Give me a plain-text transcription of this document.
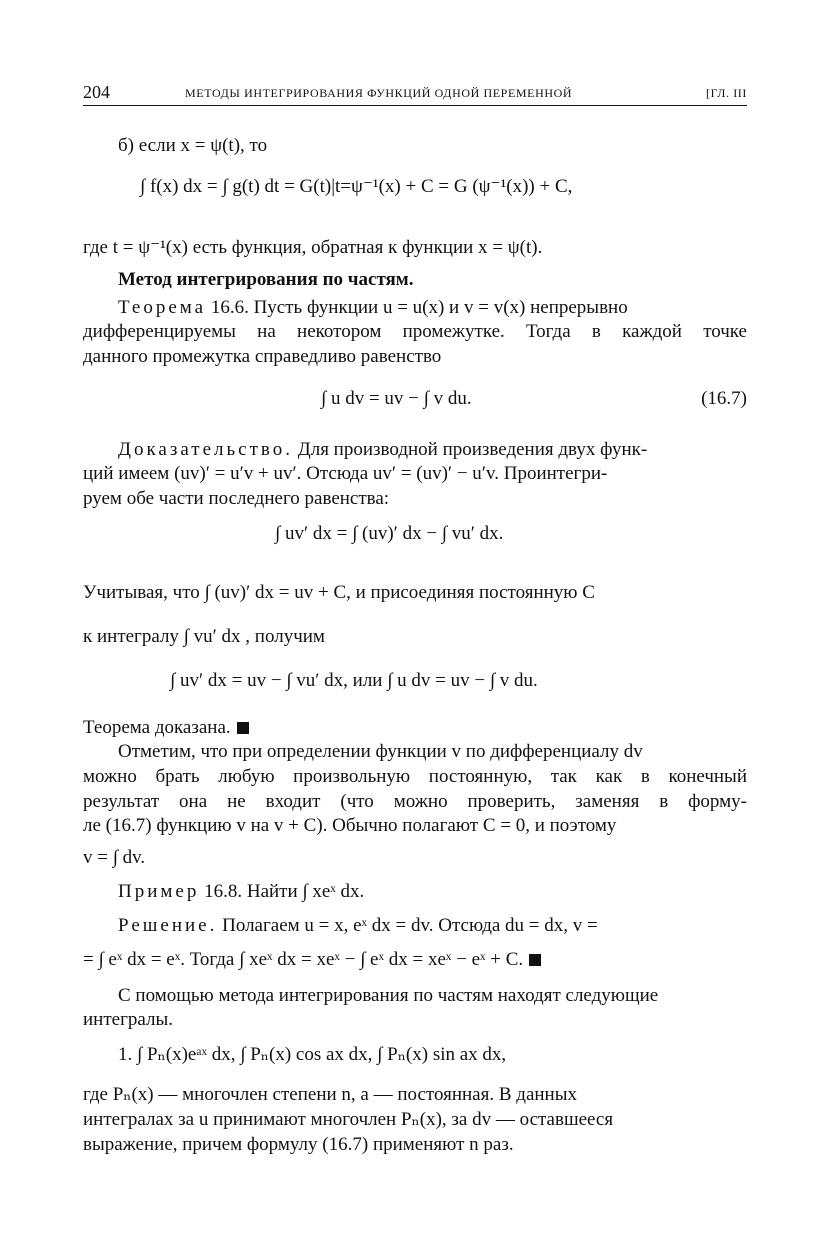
204	МЕТОДЫ ИНТЕГРИРОВАНИЯ ФУНКЦИЙ ОДНОЙ ПЕРЕМЕННОЙ	[ГЛ. III
б) если x = ψ(t), то
∫ f(x) dx = ∫ g(t) dt = G(t)|t=ψ⁻¹(x) + C = G (ψ⁻¹(x)) + C,
где t = ψ⁻¹(x) есть функция, обратная к функции x = ψ(t).
Метод интегрирования по частям.
Теорема 16.6. Пусть функции u = u(x) и v = v(x) непрерывно
дифференцируемы на некотором промежутке. Тогда в каждой точке
данного промежутка справедливо равенство
∫ u dv = uv − ∫ v du.	(16.7)
Доказательство. Для производной произведения двух функ-
ций имеем (uv)′ = u′v + uv′. Отсюда uv′ = (uv)′ − u′v. Проинтегри-
руем обе части последнего равенства:
∫ uv′ dx = ∫ (uv)′ dx − ∫ vu′ dx.
Учитывая, что ∫ (uv)′ dx = uv + C, и присоединяя постоянную C
к интегралу ∫ vu′ dx , получим
∫ uv′ dx = uv − ∫ vu′ dx, или ∫ u dv = uv − ∫ v du.
Теорема доказана.
Отметим, что при определении функции v по дифференциалу dv
можно брать любую произвольную постоянную, так как в конечный
результат она не входит (что можно проверить, заменяя в форму-
ле (16.7) функцию v на v + C). Обычно полагают C = 0, и поэтому
v = ∫ dv.
Пример 16.8. Найти ∫ xeˣ dx.
Решение. Полагаем u = x, eˣ dx = dv. Отсюда du = dx, v =
= ∫ eˣ dx = eˣ. Тогда ∫ xeˣ dx = xeˣ − ∫ eˣ dx = xeˣ − eˣ + C.
С помощью метода интегрирования по частям находят следующие
интегралы.
1. ∫ Pₙ(x)eᵃˣ dx, ∫ Pₙ(x) cos ax dx, ∫ Pₙ(x) sin ax dx,
где Pₙ(x) — многочлен степени n, a — постоянная. В данных
интегралах за u принимают многочлен Pₙ(x), за dv — оставшееся
выражение, причем формулу (16.7) применяют n раз.
